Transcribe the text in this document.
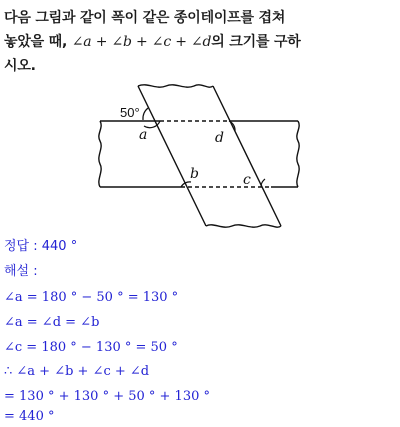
다음 그림과 같이 폭이 같은 종이테이프를 겹쳐
놓았을 때, ∠a + ∠b + ∠c + ∠d의 크기를 구하
시오.
50°
a	d
b	c
정답 : 440 °
해설 :
∠a = 180 ° − 50 ° = 130 °
∠a = ∠d = ∠b
∠c = 180 ° − 130 ° = 50 °
∴ ∠a + ∠b + ∠c + ∠d
= 130 ° + 130 ° + 50 ° + 130 °
= 440 °
